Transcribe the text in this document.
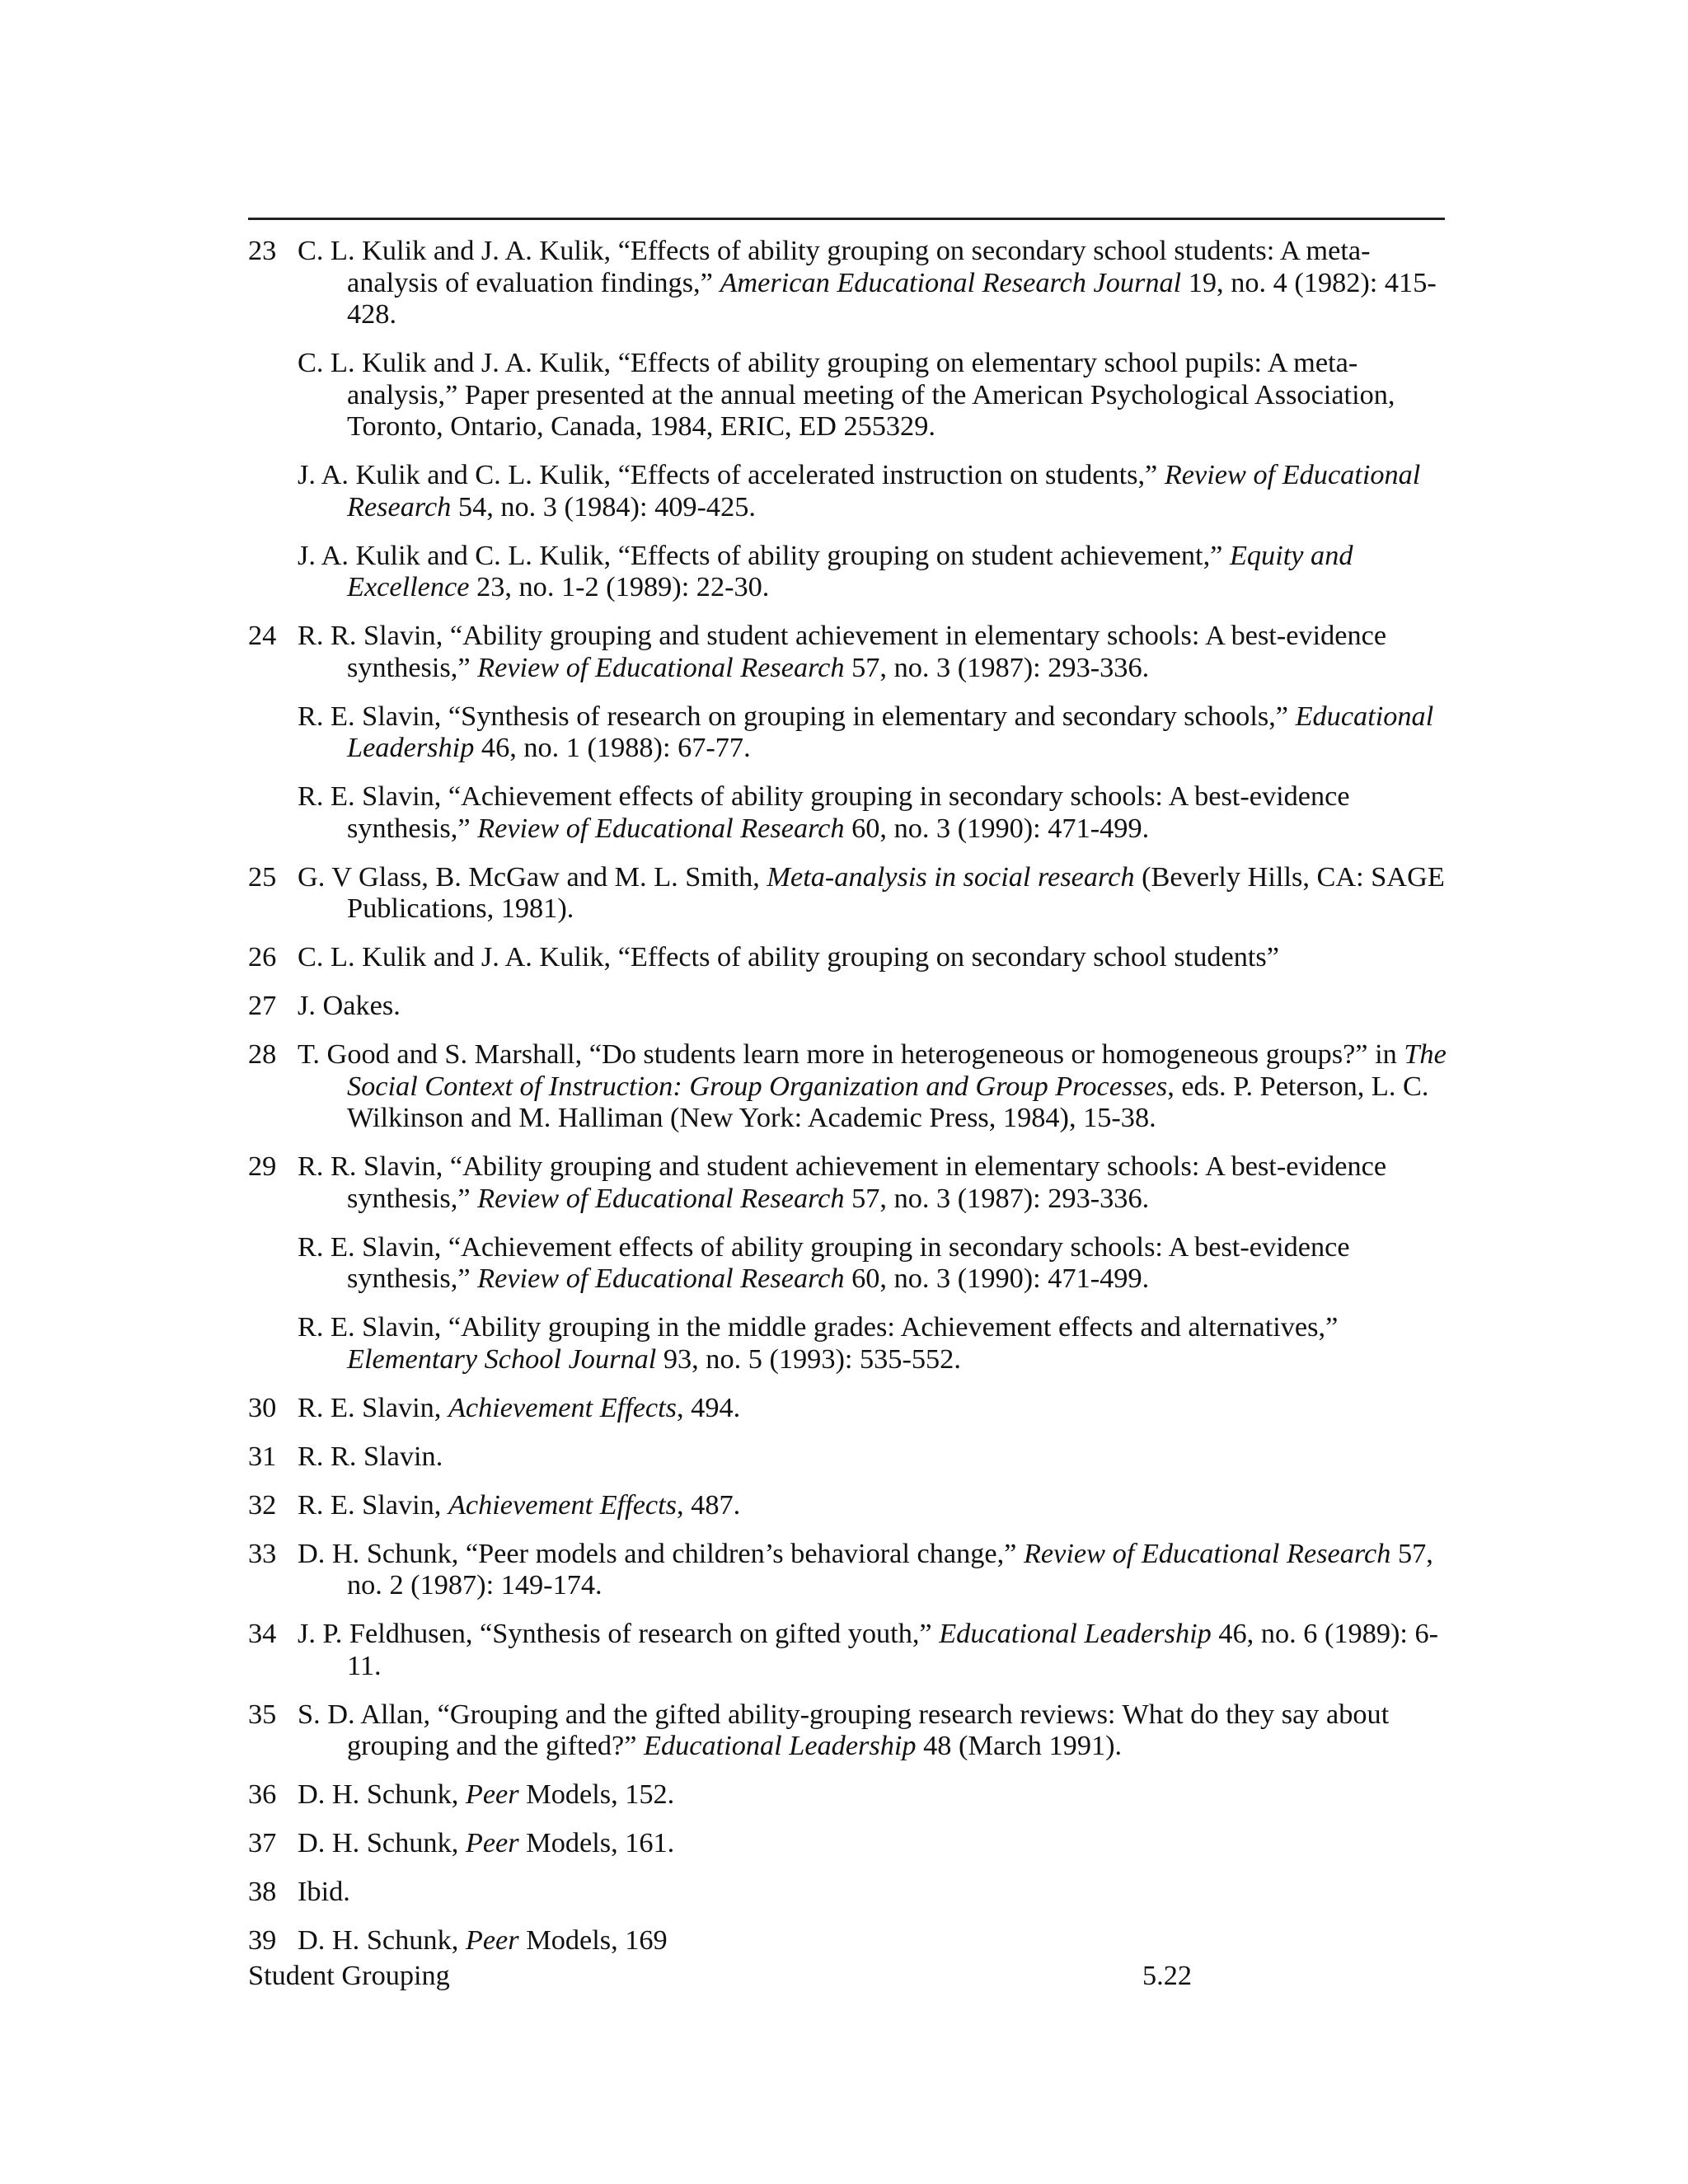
23 C. L. Kulik and J. A. Kulik, “Effects of ability grouping on secondary school students: A meta-analysis of evaluation findings,” American Educational Research Journal 19, no. 4 (1982): 415-428.
C. L. Kulik and J. A. Kulik, “Effects of ability grouping on elementary school pupils: A meta-analysis,” Paper presented at the annual meeting of the American Psychological Association, Toronto, Ontario, Canada, 1984, ERIC, ED 255329.
J. A. Kulik and C. L. Kulik, “Effects of accelerated instruction on students,” Review of Educational Research 54, no. 3 (1984): 409-425.
J. A. Kulik and C. L. Kulik, “Effects of ability grouping on student achievement,” Equity and Excellence 23, no. 1-2 (1989): 22-30.
24 R. R. Slavin, “Ability grouping and student achievement in elementary schools: A best-evidence synthesis,” Review of Educational Research 57, no. 3 (1987): 293-336.
R. E. Slavin, “Synthesis of research on grouping in elementary and secondary schools,” Educational Leadership 46, no. 1 (1988): 67-77.
R. E. Slavin, “Achievement effects of ability grouping in secondary schools: A best-evidence synthesis,” Review of Educational Research 60, no. 3 (1990): 471-499.
25 G. V Glass, B. McGaw and M. L. Smith, Meta-analysis in social research (Beverly Hills, CA: SAGE Publications, 1981).
26 C. L. Kulik and J. A. Kulik, “Effects of ability grouping on secondary school students”
27 J. Oakes.
28 T. Good and S. Marshall, “Do students learn more in heterogeneous or homogeneous groups?” in The Social Context of Instruction: Group Organization and Group Processes, eds. P. Peterson, L. C. Wilkinson and M. Halliman (New York: Academic Press, 1984), 15-38.
29 R. R. Slavin, “Ability grouping and student achievement in elementary schools: A best-evidence synthesis,” Review of Educational Research 57, no. 3 (1987): 293-336.
R. E. Slavin, “Achievement effects of ability grouping in secondary schools: A best-evidence synthesis,” Review of Educational Research 60, no. 3 (1990): 471-499.
R. E. Slavin, “Ability grouping in the middle grades: Achievement effects and alternatives,” Elementary School Journal 93, no. 5 (1993): 535-552.
30 R. E. Slavin, Achievement Effects, 494.
31 R. R. Slavin.
32 R. E. Slavin, Achievement Effects, 487.
33 D. H. Schunk, “Peer models and children’s behavioral change,” Review of Educational Research 57, no. 2 (1987): 149-174.
34 J. P. Feldhusen, “Synthesis of research on gifted youth,” Educational Leadership 46, no. 6 (1989): 6-11.
35 S. D. Allan, “Grouping and the gifted ability-grouping research reviews: What do they say about grouping and the gifted?” Educational Leadership 48 (March 1991).
36 D. H. Schunk, Peer Models, 152.
37 D. H. Schunk, Peer Models, 161.
38 Ibid.
39 D. H. Schunk, Peer Models, 169
Student Grouping	5.22
